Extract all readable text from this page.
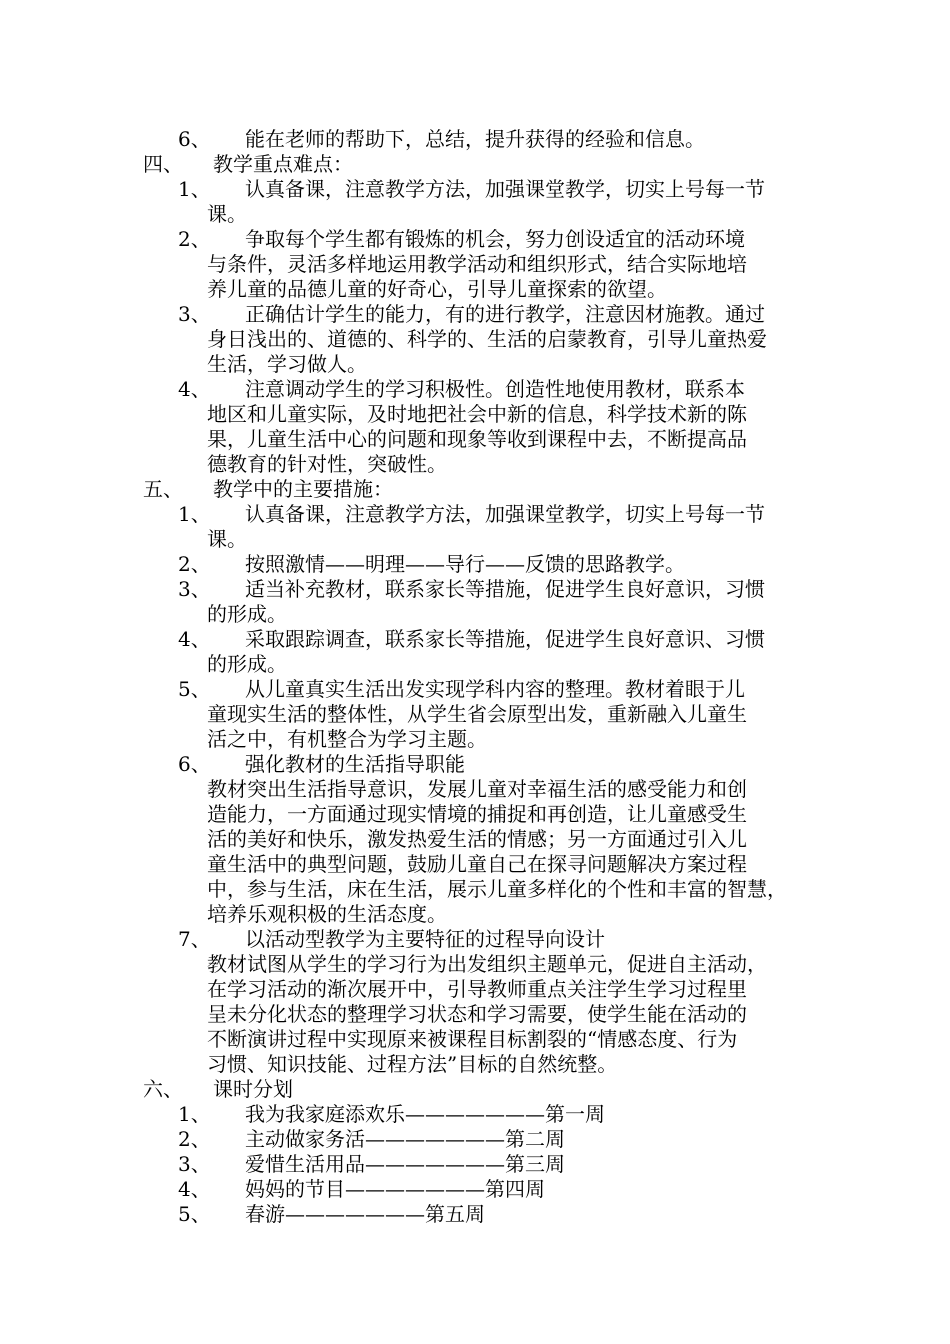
6、 能在老师的帮助下，总结，提升获得的经验和信息。
四、 教学重点难点：
1、 认真备课，注意教学方法，加强课堂教学，切实上号每一节
课。
2、 争取每个学生都有锻炼的机会，努力创设适宜的活动环境
与条件，灵活多样地运用教学活动和组织形式，结合实际地培
养儿童的品德儿童的好奇心，引导儿童探索的欲望。
3、 正确估计学生的能力，有的进行教学，注意因材施教。通过
身日浅出的、道德的、科学的、生活的启蒙教育，引导儿童热爱
生活，学习做人。
4、 注意调动学生的学习积极性。创造性地使用教材，联系本
地区和儿童实际，及时地把社会中新的信息，科学技术新的陈
果，儿童生活中心的问题和现象等收到课程中去，不断提高品
德教育的针对性，突破性。
五、 教学中的主要措施：
1、 认真备课，注意教学方法，加强课堂教学，切实上号每一节
课。
2、 按照激情——明理——导行——反馈的思路教学。
3、 适当补充教材，联系家长等措施，促进学生良好意识，习惯
的形成。
4、 采取跟踪调查，联系家长等措施，促进学生良好意识、习惯
的形成。
5、 从儿童真实生活出发实现学科内容的整理。教材着眼于儿
童现实生活的整体性，从学生省会原型出发，重新融入儿童生
活之中，有机整合为学习主题。
6、 强化教材的生活指导职能
教材突出生活指导意识，发展儿童对幸福生活的感受能力和创
造能力，一方面通过现实情境的捕捉和再创造，让儿童感受生
活的美好和快乐，激发热爱生活的情感；另一方面通过引入儿
童生活中的典型问题，鼓励儿童自己在探寻问题解决方案过程
中，参与生活，床在生活，展示儿童多样化的个性和丰富的智慧，
培养乐观积极的生活态度。
7、 以活动型教学为主要特征的过程导向设计
教材试图从学生的学习行为出发组织主题单元，促进自主活动，
在学习活动的渐次展开中，引导教师重点关注学生学习过程里
呈未分化状态的整理学习状态和学习需要，使学生能在活动的
不断演讲过程中实现原来被课程目标割裂的“情感态度、行为
习惯、知识技能、过程方法”目标的自然统整。
六、 课时分划
1、 我为我家庭添欢乐———————第一周
2、 主动做家务活———————第二周
3、 爱惜生活用品———————第三周
4、 妈妈的节目———————第四周
5、 春游———————第五周
